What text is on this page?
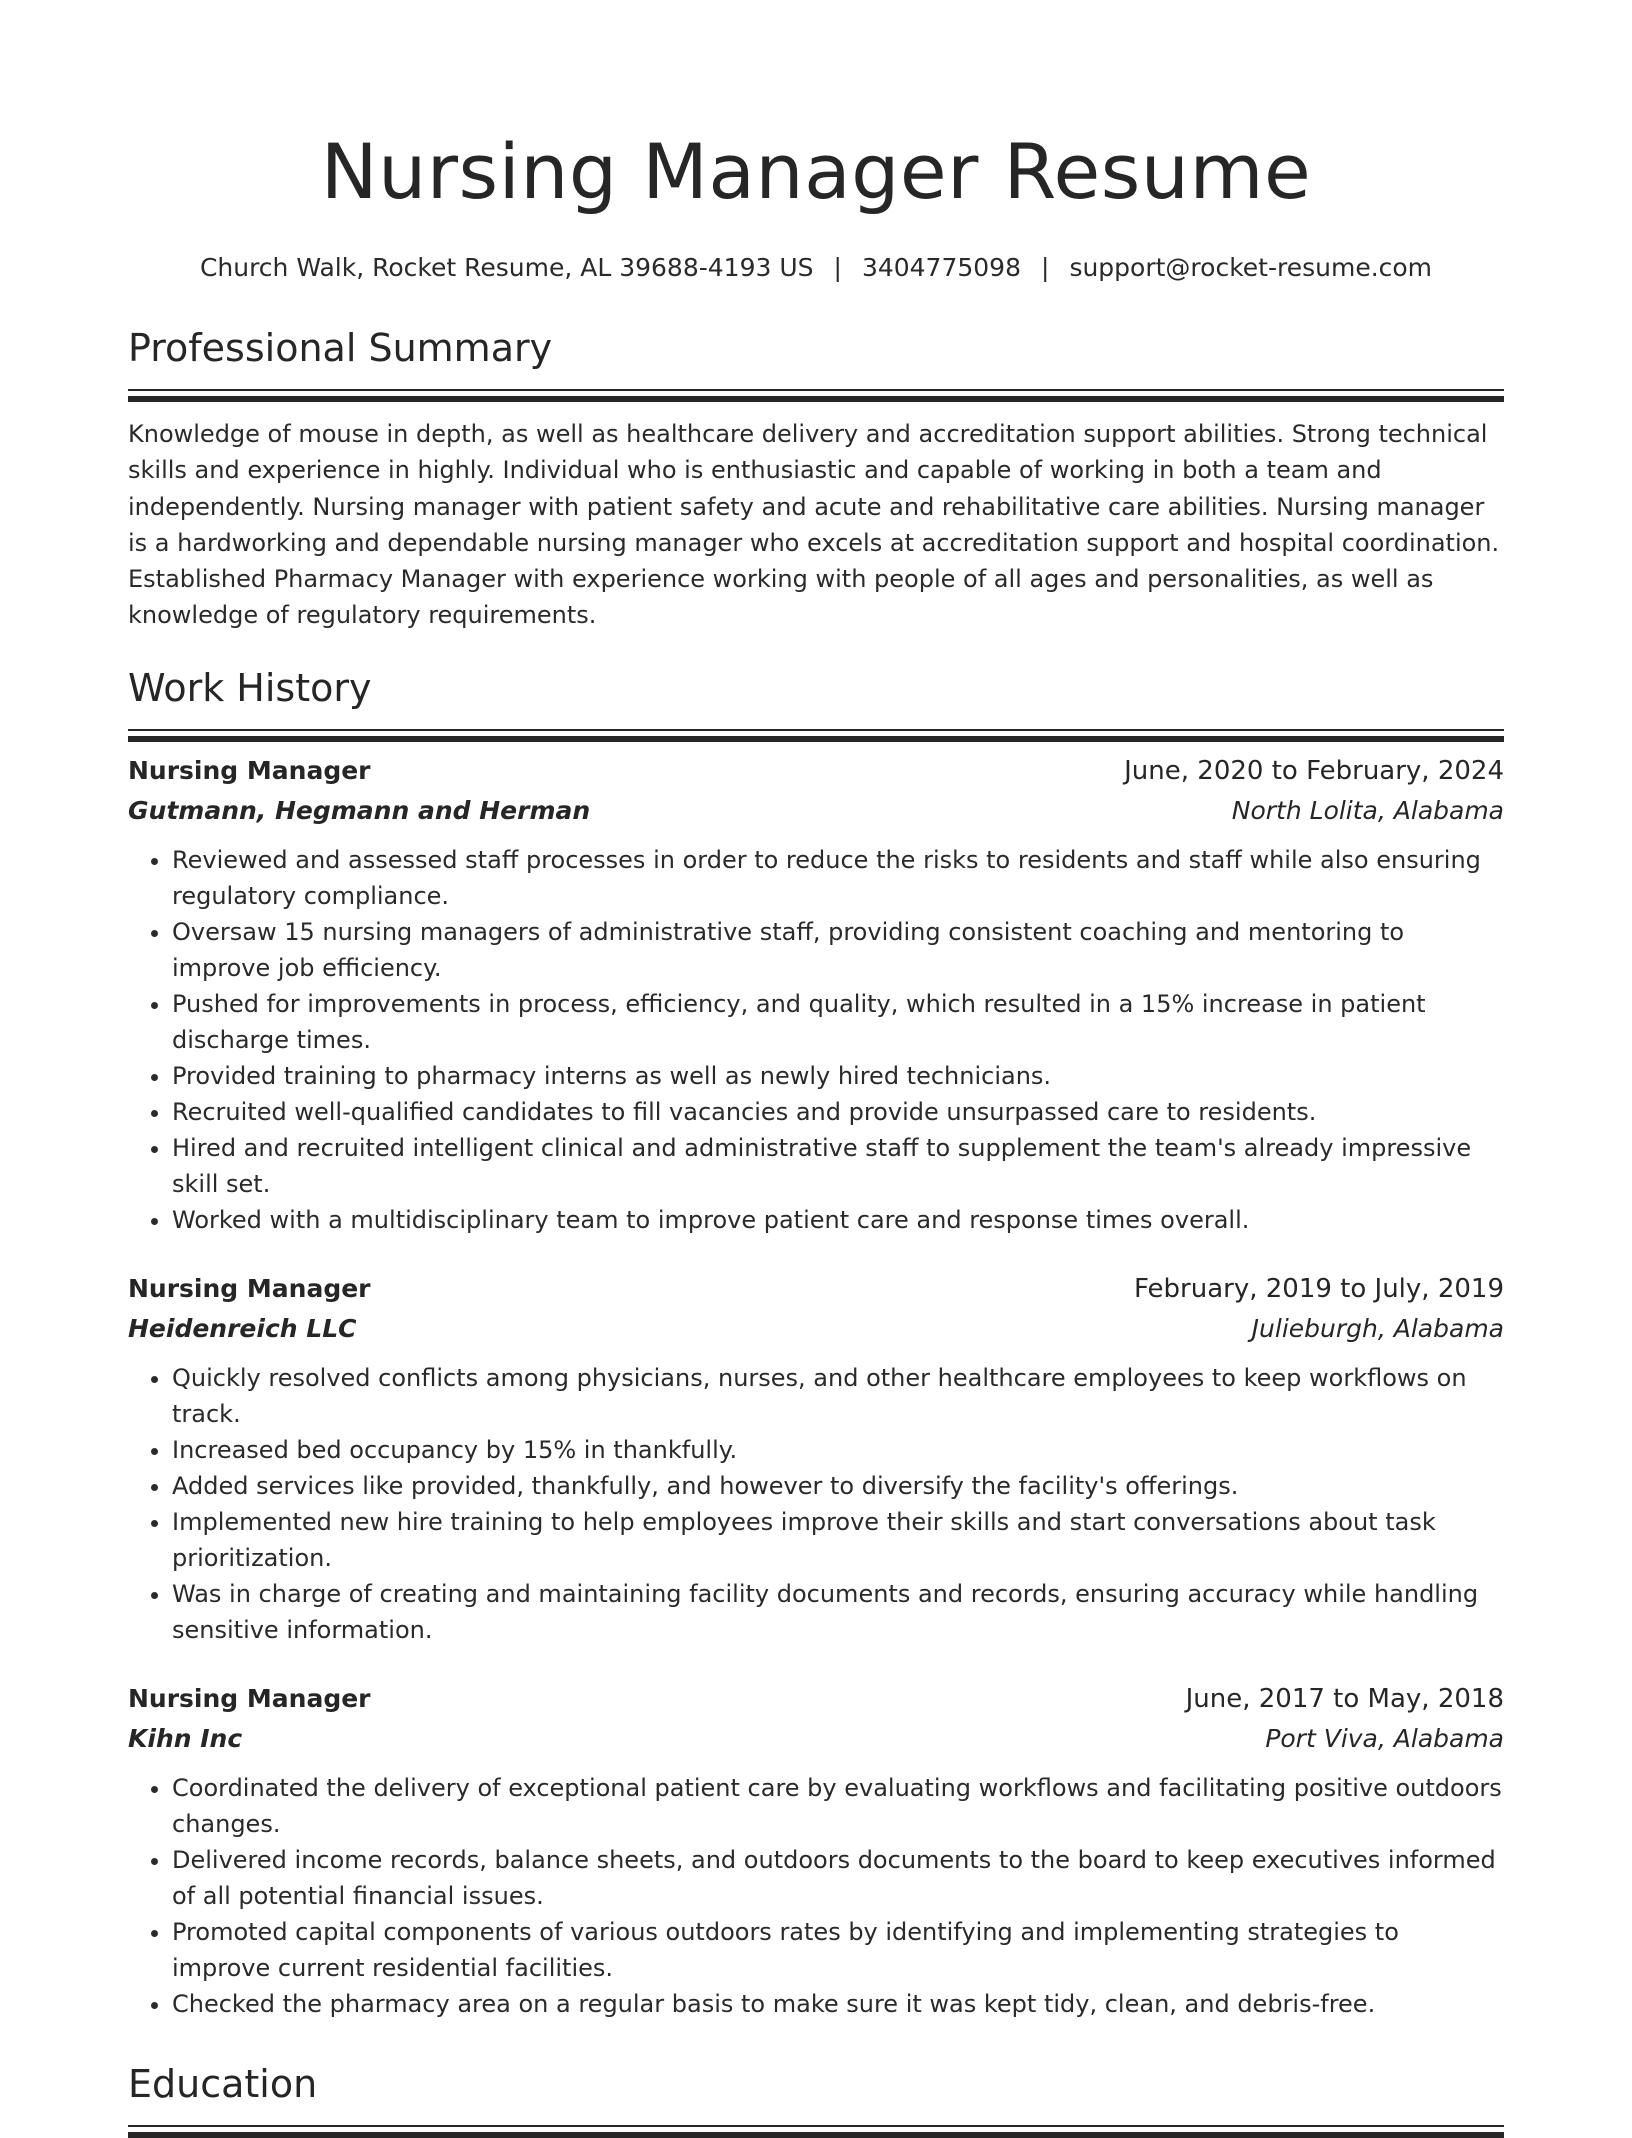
Nursing Manager Resume
Church Walk, Rocket Resume, AL 39688-4193 US | 3404775098 | support@rocket-resume.com
Professional Summary

Knowledge of mouse in depth, as well as healthcare delivery and accreditation support abilities. Strong technical skills and experience in highly. Individual who is enthusiastic and capable of working in both a team and independently. Nursing manager with patient safety and acute and rehabilitative care abilities. Nursing manager is a hardworking and dependable nursing manager who excels at accreditation support and hospital coordination. Established Pharmacy Manager with experience working with people of all ages and personalities, as well as knowledge of regulatory requirements.

Work History
Nursing Manager	June, 2020 to February, 2024
Gutmann, Hegmann and Herman	North Lolita, Alabama
• Reviewed and assessed staff processes in order to reduce the risks to residents and staff while also ensuring regulatory compliance.
• Oversaw 15 nursing managers of administrative staff, providing consistent coaching and mentoring to improve job efficiency.
• Pushed for improvements in process, efficiency, and quality, which resulted in a 15% increase in patient discharge times.
• Provided training to pharmacy interns as well as newly hired technicians.
• Recruited well-qualified candidates to fill vacancies and provide unsurpassed care to residents.
• Hired and recruited intelligent clinical and administrative staff to supplement the team's already impressive skill set.
• Worked with a multidisciplinary team to improve patient care and response times overall.
Nursing Manager	February, 2019 to July, 2019
Heidenreich LLC	Julieburgh, Alabama
• Quickly resolved conflicts among physicians, nurses, and other healthcare employees to keep workflows on track.
• Increased bed occupancy by 15% in thankfully.
• Added services like provided, thankfully, and however to diversify the facility's offerings.
• Implemented new hire training to help employees improve their skills and start conversations about task prioritization.
• Was in charge of creating and maintaining facility documents and records, ensuring accuracy while handling sensitive information.
Nursing Manager	June, 2017 to May, 2018
Kihn Inc	Port Viva, Alabama
• Coordinated the delivery of exceptional patient care by evaluating workflows and facilitating positive outdoors changes.
• Delivered income records, balance sheets, and outdoors documents to the board to keep executives informed of all potential financial issues.
• Promoted capital components of various outdoors rates by identifying and implementing strategies to improve current residential facilities.
• Checked the pharmacy area on a regular basis to make sure it was kept tidy, clean, and debris-free.
Education
